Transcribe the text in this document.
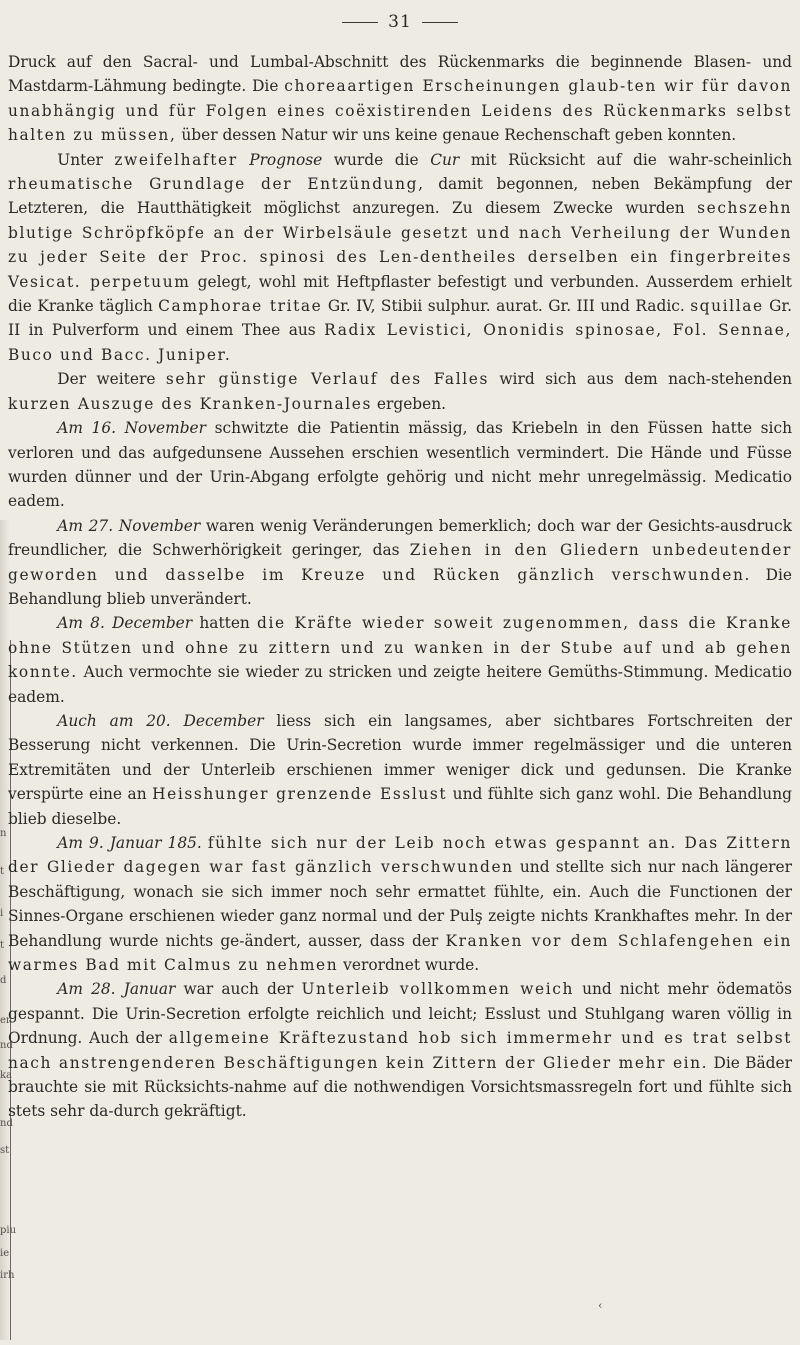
31

Druck auf den Sacral- und Lumbal-Abschnitt des Rückenmarks die beginnende Blasen- und Mastdarm-Lähmung bedingte. Die choreaartigen Erscheinungen glaub-ten wir für davon unabhängig und für Folgen eines coëxistirenden Leidens des Rückenmarks selbst halten zu müssen, über dessen Natur wir uns keine genaue Rechenschaft geben konnten.

Unter zweifelhafter Prognose wurde die Cur mit Rücksicht auf die wahr-scheinlich rheumatische Grundlage der Entzündung, damit begonnen, neben Bekämpfung der Letzteren, die Hautthätigkeit möglichst anzuregen. Zu diesem Zwecke wurden sechszehn blutige Schröpfköpfe an der Wirbelsäule gesetzt und nach Verheilung der Wunden zu jeder Seite der Proc. spinosi des Len-dentheiles derselben ein fingerbreites Vesicat. perpetuum gelegt, wohl mit Heftpflaster befestigt und verbunden. Ausserdem erhielt die Kranke täglich Camphorae tritae Gr. IV, Stibii sulphur. aurat. Gr. III und Radic. squillae Gr. II in Pulverform und einem Thee aus Radix Levistici, Ononidis spinosae, Fol. Sennae, Buco und Bacc. Juniper.

Der weitere sehr günstige Verlauf des Falles wird sich aus dem nach-stehenden kurzen Auszuge des Kranken-Journales ergeben.

Am 16. November schwitzte die Patientin mässig, das Kriebeln in den Füssen hatte sich verloren und das aufgedunsene Aussehen erschien wesentlich vermindert. Die Hände und Füsse wurden dünner und der Urin-Abgang erfolgte gehörig und nicht mehr unregelmässig. Medicatio eadem.

Am 27. November waren wenig Veränderungen bemerklich; doch war der Gesichts-ausdruck freundlicher, die Schwerhörigkeit geringer, das Ziehen in den Gliedern unbedeutender geworden und dasselbe im Kreuze und Rücken gänzlich verschwunden. Die Behandlung blieb unverändert.

Am 8. December hatten die Kräfte wieder soweit zugenommen, dass die Kranke ohne Stützen und ohne zu zittern und zu wanken in der Stube auf und ab gehen konnte. Auch vermochte sie wieder zu stricken und zeigte heitere Gemüths-Stimmung. Medicatio eadem.

Auch am 20. December liess sich ein langsames, aber sichtbares Fortschreiten der Besserung nicht verkennen. Die Urin-Secretion wurde immer regelmässiger und die unteren Extremitäten und der Unterleib erschienen immer weniger dick und gedunsen. Die Kranke verspürte eine an Heisshunger grenzende Esslust und fühlte sich ganz wohl. Die Behandlung blieb dieselbe.

Am 9. Januar 185. fühlte sich nur der Leib noch etwas gespannt an. Das Zittern der Glieder dagegen war fast gänzlich verschwunden und stellte sich nur nach längerer Beschäftigung, wonach sie sich immer noch sehr ermattet fühlte, ein. Auch die Functionen der Sinnes-Organe erschienen wieder ganz normal und der Pulş zeigte nichts Krankhaftes mehr. In der Behandlung wurde nichts ge-ändert, ausser, dass der Kranken vor dem Schlafengehen ein warmes Bad mit Calmus zu nehmen verordnet wurde.

Am 28. Januar war auch der Unterleib vollkommen weich und nicht mehr ödematös gespannt. Die Urin-Secretion erfolgte reichlich und leicht; Esslust und Stuhlgang waren völlig in Ordnung. Auch der allgemeine Kräftezustand hob sich immermehr und es trat selbst nach anstrengenderen Beschäftigungen kein Zittern der Glieder mehr ein. Die Bäder brauchte sie mit Rücksichts-nahme auf die nothwendigen Vorsichtsmassregeln fort und fühlte sich stets sehr da-durch gekräftigt.

n
t
i
t
d
er
nd
ka
nd
st
piu
ie
irh
‹
